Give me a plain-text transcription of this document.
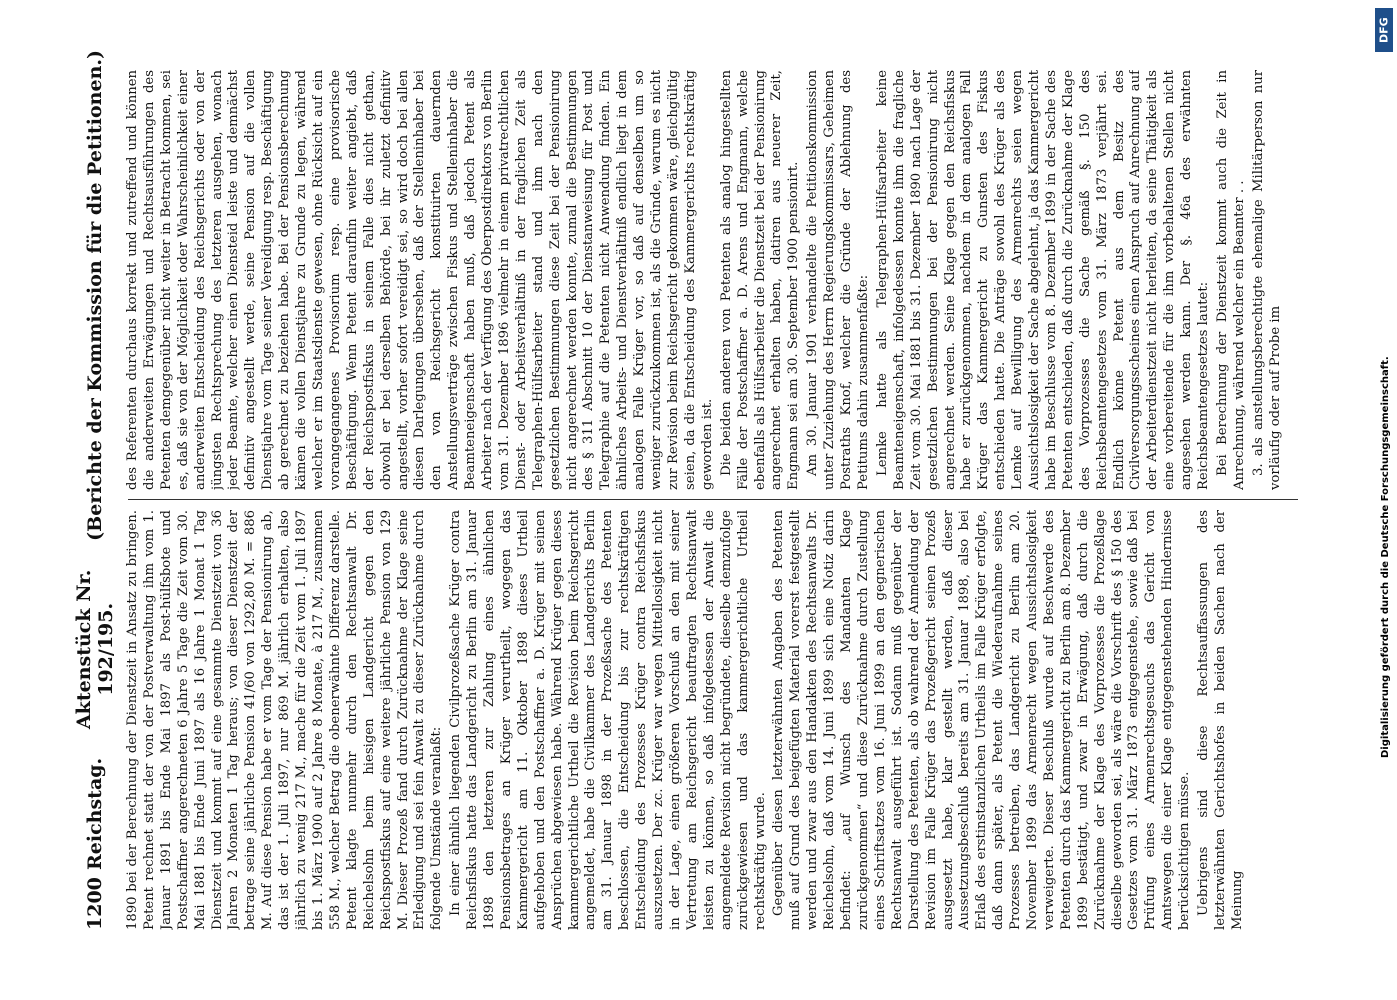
DFG
Digitalisierung gefördert durch die Deutsche Forschungsgemeinschaft.
1200
Reichstag.
Aktenstück Nr. 192/195.
(Berichte der Kommission für die Petitionen.)

1890 bei der Berechnung der Dienstzeit in Ansatz zu bringen. Petent rechnet statt der von der Postverwaltung ihm vom 1. Januar 1891 bis Ende Mai 1897 als Post-hülfsbote und Postschaffner angerechneten 6 Jahre 5 Tage die Zeit vom 30. Mai 1881 bis Ende Juni 1897 als 16 Jahre 1 Monat 1 Tag Dienstzeit und kommt auf eine gesammte Dienstzeit von 36 Jahren 2 Monaten 1 Tag heraus; von dieser Dienstzeit der betrage seine jährliche Pension 41/60 von 1292,80 M. = 886 M. Auf diese Pension habe er vom Tage der Pensionirung ab, das ist der 1. Juli 1897, nur 869 M. jährlich erhalten, also jährlich zu wenig 217 M., mache für die Zeit vom 1. Juli 1897 bis 1. März 1900 auf 2 Jahre 8 Monate, à 217 M., zusammen 558 M., welcher Betrag die obenerwähnte Differenz darstelle. Petent klagte nunmehr durch den Rechtsanwalt Dr. Reichelsohn beim hiesigen Landgericht gegen den Reichspostfiskus auf eine weitere jährliche Pension von 129 M. Dieser Prozeß fand durch Zurücknahme der Klage seine Erledigung und sei fein Anwalt zu dieser Zurücknahme durch folgende Umstände veranlaßt: In einer ähnlich liegenden Civilprozeßsache Krüger contra Reichsfiskus hatte das Landgericht zu Berlin am 31. Januar 1898 den letzteren zur Zahlung eines ähnlichen Pensionsbetrages an Krüger verurtheilt, wogegen das Kammergericht am 11. Oktober 1898 dieses Urtheil aufgehoben und den Postschaffner a. D. Krüger mit seinen Ansprüchen abgewiesen habe. Während Krüger gegen dieses kammergerichtliche Urtheil die Revision beim Reichsgericht angemeldet, habe die Civilkammer des Landgerichts Berlin am 31. Januar 1898 in der Prozeßsache des Petenten beschlossen, die Entscheidung bis zur rechtskräftigen Entscheidung des Prozesses Krüger contra Reichsfiskus auszusetzen. Der zc. Krüger war wegen Mittellosigkeit nicht in der Lage, einen größeren Vorschuß an den mit seiner Vertretung am Reichsgericht beauftragten Rechtsanwalt leisten zu können, so daß infolgedessen der Anwalt die angemeldete Revision nicht begründete, dieselbe demzufolge zurückgewiesen und das kammergerichtliche Urtheil rechtskräftig wurde. Gegenüber diesen letzterwähnten Angaben des Petenten muß auf Grund des beigefügten Material vorerst festgestellt werden und zwar aus den Handakten des Rechtsanwalts Dr. Reichelsohn, daß vom 14. Juni 1899 sich eine Notiz darin befindet: „auf Wunsch des Mandanten Klage zurückgenommen“ und diese Zurücknahme durch Zustellung eines Schriftsatzes vom 16. Juni 1899 an den gegnerischen Rechtsanwalt ausgeführt ist. Sodann muß gegenüber der Darstellung des Petenten, als ob wahrend der Anmeldung der Revision im Falle Krüger das Prozeßgericht seinen Prozeß ausgesetzt habe, klar gestellt werden, daß dieser Aussetzungsbeschluß bereits am 31. Januar 1898, also bei Erlaß des erstinstanzlichen Urtheils im Falle Krüger erfolgte, daß dann später, als Petent die Wiederaufnahme seines Prozesses betreiben, das Landgericht zu Berlin am 20. November 1899 das Armenrecht wegen Aussichtslosigkeit verweigerte. Dieser Beschluß wurde auf Beschwerde des Petenten durch das Kammergericht zu Berlin am 8. Dezember 1899 bestätigt, und zwar in Erwägung, daß durch die Zurücknahme der Klage des Vorprozesses die Prozeßlage dieselbe geworden sei, als wäre die Vorschrift des § 150 des Gesetzes vom 31. März 1873 entgegenstehe, sowie daß bei Prüfung eines Armenrechtsgesuchs das Gericht von Amtswegen die einer Klage entgegenstehenden Hindernisse berücksichtigen müsse. Uebrigens sind diese Rechtsauffassungen des letzterwähnten Gerichtshofes in beiden Sachen nach der Meinung

des Referenten durchaus korrekt und zutreffend und können die anderweiten Erwägungen und Rechtsausführungen des Petenten demgegenüber nicht weiter in Betracht kommen, sei es, daß sie von der Möglichkeit oder Wahrscheinlichkeit einer anderweiten Entscheidung des Reichsgerichts oder von der jüngsten Rechtsprechung des letzteren ausgehen, wonach jeder Beamte, welcher einen Diensteid leiste und demnächst definitiv angestellt werde, seine Pension auf die vollen Dienstjahre vom Tage seiner Vereidigung resp. Beschäftigung ab gerechnet zu beziehen habe. Bei der Pensionsberechnung kämen die vollen Dienstjahre zu Grunde zu legen, während welcher er im Staatsdienste gewesen, ohne Rücksicht auf ein vorangegangenes Provisorium resp. eine provisorische Beschäftigung. Wenn Petent daraufhin weiter angiebt, daß der Reichspostfiskus in seinem Falle dies nicht gethan, obwohl er bei derselben Behörde, bei ihr zuletzt definitiv angestellt, vorher sofort vereidigt sei, so wird doch bei allen diesen Darlegungen übersehen, daß der Stelleninhaber bei den von Reichsgericht konstituirten dauernden Anstellungsverträge zwischen Fiskus und Stelleninhaber die Beamteneigenschaft haben muß, daß jedoch Petent als Arbeiter nach der Verfügung des Oberpostdirektors von Berlin vom 31. Dezember 1896 vielmehr in einem privatrechtlichen Dienst- oder Arbeitsverhältniß in der fraglichen Zeit als Telegraphen-Hülfsarbeiter stand und ihm nach den gesetzlichen Bestimmungen diese Zeit bei der Pensionirung nicht angerechnet werden konnte, zumal die Bestimmungen des § 311 Abschnitt 10 der Dienstanweisung für Post und Telegraphie auf die Petenten nicht Anwendung finden. Ein ähnliches Arbeits- und Dienstverhältniß endlich liegt in dem analogen Falle Krüger vor, so daß auf denselben um so weniger zurückzukommen ist, als die Gründe, warum es nicht zur Revision beim Reichsgericht gekommen wäre, gleichgültig seien, da die Entscheidung des Kammergerichts rechtskräftig geworden ist. Die beiden anderen von Petenten als analog hingestellten Fälle der Postschaffner a. D. Arens und Engmann, welche ebenfalls als Hülfsarbeiter die Dienstzeit bei der Pensionirung angerechnet erhalten haben, datiren aus neuerer Zeit, Engmann sei am 30. September 1900 pensionirt. Am 30. Januar 1901 verhandelte die Petitionskommission unter Zuziehung des Herrn Regierungskommissars, Geheimen Postraths Knof, welcher die Gründe der Ablehnung des Petitums dahin zusammenfaßte: Lemke hatte als Telegraphen-Hülfsarbeiter keine Beamteneigenschaft, infolgedessen konnte ihm die fragliche Zeit vom 30. Mai 1881 bis 31. Dezember 1890 nach Lage der gesetzlichen Bestimmungen bei der Pensionirung nicht angerechnet werden. Seine Klage gegen den Reichsfiskus habe er zurückgenommen, nachdem in dem analogen Fall Krüger das Kammergericht zu Gunsten des Fiskus entschieden hatte. Die Anträge sowohl des Krüger als des Lemke auf Bewilligung des Armenrechts seien wegen Aussichtslosigkeit der Sache abgelehnt, ja das Kammergericht habe im Beschlusse vom 8. Dezember 1899 in der Sache des Petenten entschieden, daß durch die Zurücknahme der Klage des Vorprozesses die Sache gemäß §. 150 des Reichsbeamtengesetzes vom 31. März 1873 verjährt sei. Endlich könne Petent aus dem Besitz des Civilversorgungsscheines einen Anspruch auf Anrechnung auf der Arbeiterdienstzeit nicht herleiten, da seine Thätigkeit als eine vorbereitende für die ihm vorbehaltenen Stellen nicht angesehen werden kann. Der §. 46a des erwähnten Reichsbeamtengesetzes lautet: Bei Berechnung der Dienstzeit kommt auch die Zeit in Anrechnung, während welcher ein Beamter . . 3. als anstellungsberechtigte ehemalige Militärperson nur vorläufig oder auf Probe im
